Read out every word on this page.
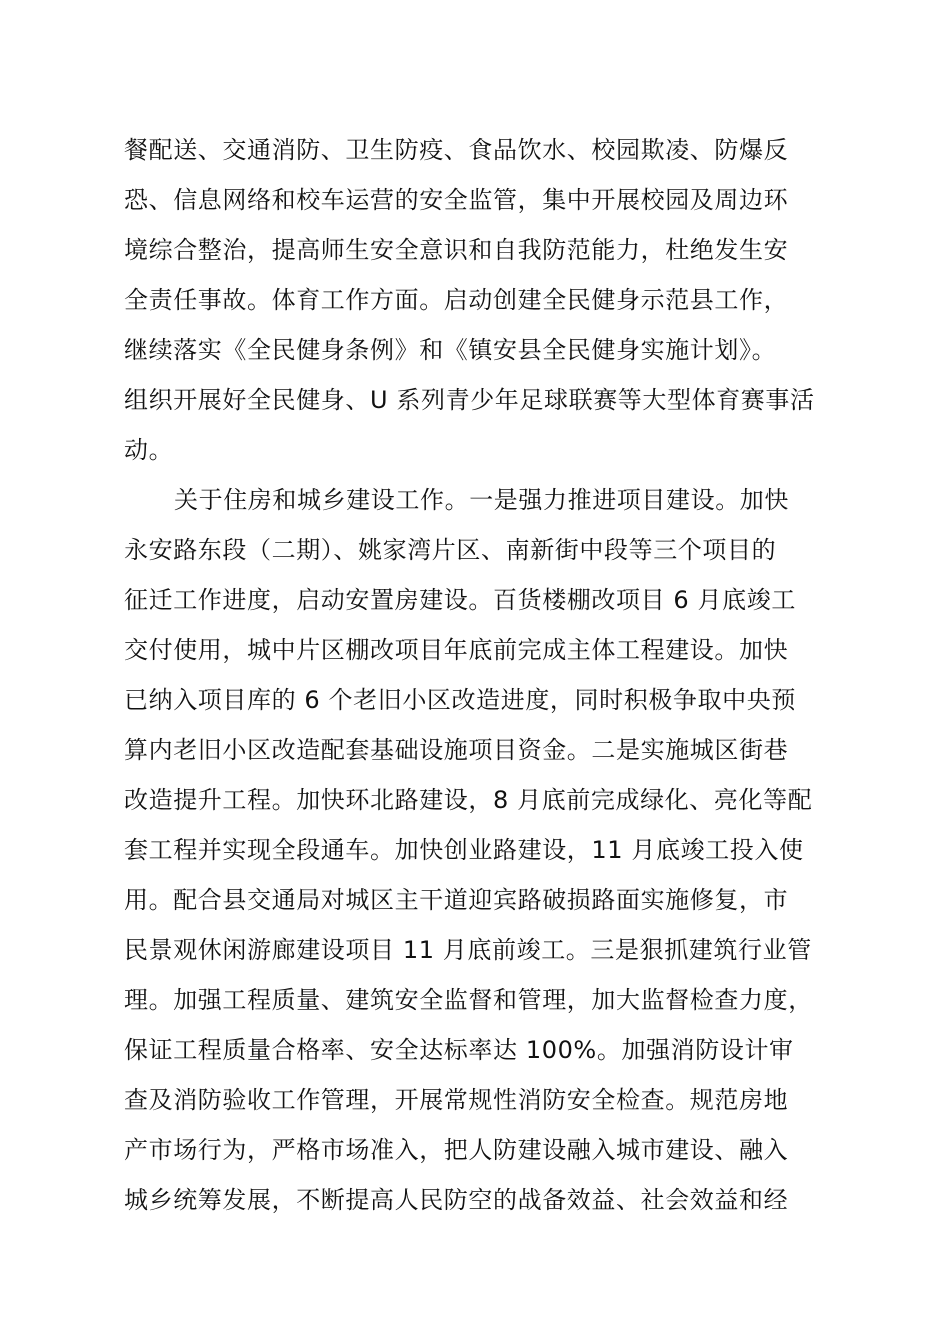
餐配送、交通消防、卫生防疫、食品饮水、校园欺凌、防爆反
恐、信息网络和校车运营的安全监管，集中开展校园及周边环
境综合整治，提高师生安全意识和自我防范能力，杜绝发生安
全责任事故。体育工作方面。启动创建全民健身示范县工作，
继续落实《全民健身条例》和《镇安县全民健身实施计划》。
组织开展好全民健身、U 系列青少年足球联赛等大型体育赛事活
动。
关于住房和城乡建设工作。一是强力推进项目建设。加快
永安路东段（二期）、姚家湾片区、南新街中段等三个项目的
征迁工作进度，启动安置房建设。百货楼棚改项目 6 月底竣工
交付使用，城中片区棚改项目年底前完成主体工程建设。加快
已纳入项目库的 6 个老旧小区改造进度，同时积极争取中央预
算内老旧小区改造配套基础设施项目资金。二是实施城区街巷
改造提升工程。加快环北路建设，8 月底前完成绿化、亮化等配
套工程并实现全段通车。加快创业路建设，11 月底竣工投入使
用。配合县交通局对城区主干道迎宾路破损路面实施修复，市
民景观休闲游廊建设项目 11 月底前竣工。三是狠抓建筑行业管
理。加强工程质量、建筑安全监督和管理，加大监督检查力度，
保证工程质量合格率、安全达标率达 100%。加强消防设计审
查及消防验收工作管理，开展常规性消防安全检查。规范房地
产市场行为，严格市场准入，把人防建设融入城市建设、融入
城乡统筹发展，不断提高人民防空的战备效益、社会效益和经
